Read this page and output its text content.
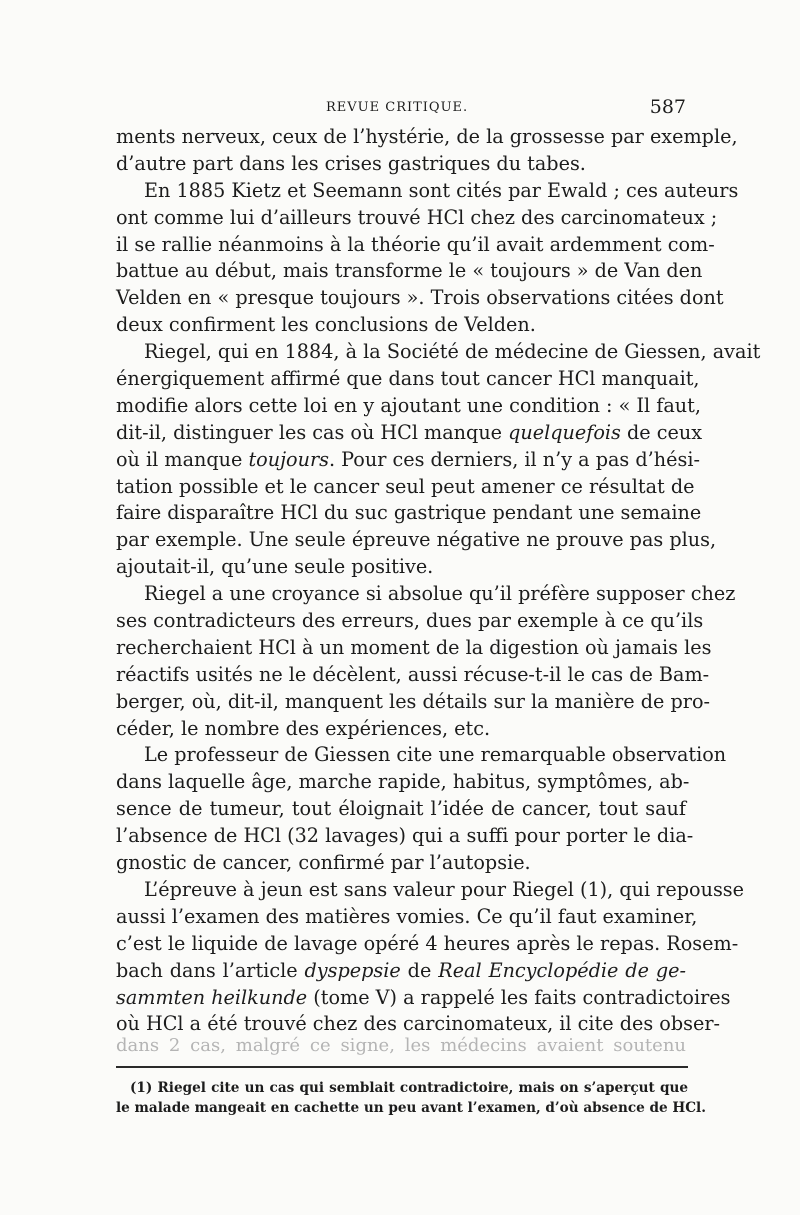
REVUE CRITIQUE.	587
ments nerveux, ceux de l’hystérie, de la grossesse par exemple,
d’autre part dans les crises gastriques du tabes.
En 1885 Kietz et Seemann sont cités par Ewald ; ces auteurs
ont comme lui d’ailleurs trouvé HCl chez des carcinomateux ;
il se rallie néanmoins à la théorie qu’il avait ardemment com-
battue au début, mais transforme le « toujours » de Van den
Velden en « presque toujours ». Trois observations citées dont
deux confirment les conclusions de Velden.
Riegel, qui en 1884, à la Société de médecine de Giessen, avait
énergiquement affirmé que dans tout cancer HCl manquait,
modifie alors cette loi en y ajoutant une condition : « Il faut,
dit-il, distinguer les cas où HCl manque quelquefois de ceux
où il manque toujours. Pour ces derniers, il n’y a pas d’hési-
tation possible et le cancer seul peut amener ce résultat de
faire disparaître HCl du suc gastrique pendant une semaine
par exemple. Une seule épreuve négative ne prouve pas plus,
ajoutait-il, qu’une seule positive.
Riegel a une croyance si absolue qu’il préfère supposer chez
ses contradicteurs des erreurs, dues par exemple à ce qu’ils
recherchaient HCl à un moment de la digestion où jamais les
réactifs usités ne le décèlent, aussi récuse-t-il le cas de Bam-
berger, où, dit-il, manquent les détails sur la manière de pro-
céder, le nombre des expériences, etc.
Le professeur de Giessen cite une remarquable observation
dans laquelle âge, marche rapide, habitus, symptômes, ab-
sence de tumeur, tout éloignait l’idée de cancer, tout sauf
l’absence de HCl (32 lavages) qui a suffi pour porter le dia-
gnostic de cancer, confirmé par l’autopsie.
L’épreuve à jeun est sans valeur pour Riegel (1), qui repousse
aussi l’examen des matières vomies. Ce qu’il faut examiner,
c’est le liquide de lavage opéré 4 heures après le repas. Rosem-
bach dans l’article dyspepsie de Real Encyclopédie de ge-
sammten heilkunde (tome V) a rappelé les faits contradictoires
où HCl a été trouvé chez des carcinomateux, il cite des obser-
dans 2 cas, malgré ce signe, les médecins avaient soutenu
(1) Riegel cite un cas qui semblait contradictoire, mais on s’aperçut que
le malade mangeait en cachette un peu avant l’examen, d’où absence de HCl.
